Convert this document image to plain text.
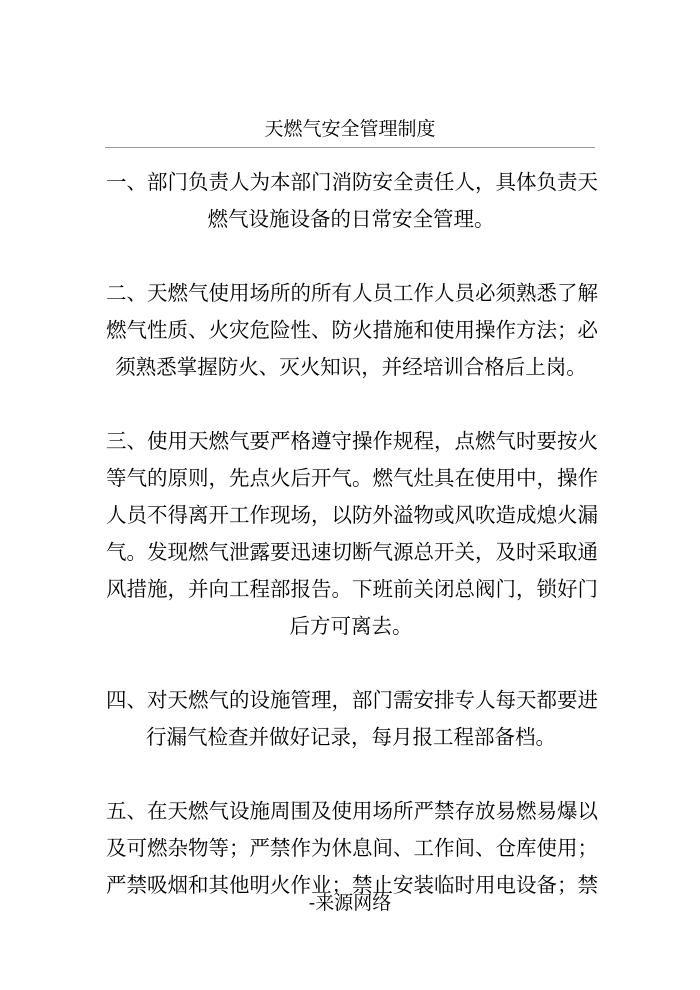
天燃气安全管理制度
一、部门负责人为本部门消防安全责任人，具体负责天
燃气设施设备的日常安全管理。
二、天燃气使用场所的所有人员工作人员必须熟悉了解
燃气性质、火灾危险性、防火措施和使用操作方法；必
须熟悉掌握防火、灭火知识，并经培训合格后上岗。
三、使用天燃气要严格遵守操作规程，点燃气时要按火
等气的原则，先点火后开气。燃气灶具在使用中，操作
人员不得离开工作现场，以防外溢物或风吹造成熄火漏
气。发现燃气泄露要迅速切断气源总开关，及时采取通
风措施，并向工程部报告。下班前关闭总阀门，锁好门
后方可离去。
四、对天燃气的设施管理，部门需安排专人每天都要进
行漏气检查并做好记录，每月报工程部备档。
五、在天燃气设施周围及使用场所严禁存放易燃易爆以
及可燃杂物等；严禁作为休息间、工作间、仓库使用；
严禁吸烟和其他明火作业；禁止安装临时用电设备；禁
-来源网络
